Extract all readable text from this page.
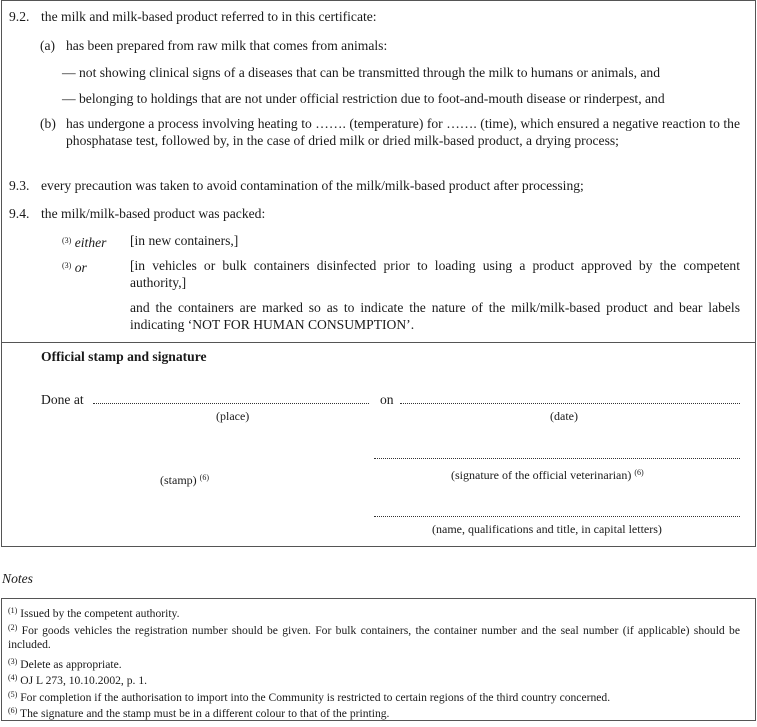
9.2. the milk and milk-based product referred to in this certificate:
(a) has been prepared from raw milk that comes from animals:
— not showing clinical signs of a diseases that can be transmitted through the milk to humans or animals, and
— belonging to holdings that are not under official restriction due to foot-and-mouth disease or rinderpest, and
(b) has undergone a process involving heating to ……. (temperature) for ……. (time), which ensured a negative reaction to the phosphatase test, followed by, in the case of dried milk or dried milk-based product, a drying process;
9.3. every precaution was taken to avoid contamination of the milk/milk-based product after processing;
9.4. the milk/milk-based product was packed:
$^{(3)}$ either [in new containers,]
$^{(3)}$ or	[in vehicles or bulk containers disinfected prior to loading using a product approved by the competent authority,]
and the containers are marked so as to indicate the nature of the milk/milk-based product and bear labels indicating ‘NOT FOR HUMAN CONSUMPTION’.
Official stamp and signature
Done at	on
(place)	(date)
(signature of the official veterinarian) $^{(6)}$
(stamp) $^{(6)}$
(name, qualifications and title, in capital letters)
Notes
$^{(1)}$ Issued by the competent authority.
$^{(2)}$ For goods vehicles the registration number should be given. For bulk containers, the container number and the seal number (if applicable) should be included.
$^{(3)}$ Delete as appropriate.
$^{(4)}$ OJ L 273, 10.10.2002, p. 1.
$^{(5)}$ For completion if the authorisation to import into the Community is restricted to certain regions of the third country concerned.
$^{(6)}$ The signature and the stamp must be in a different colour to that of the printing.
